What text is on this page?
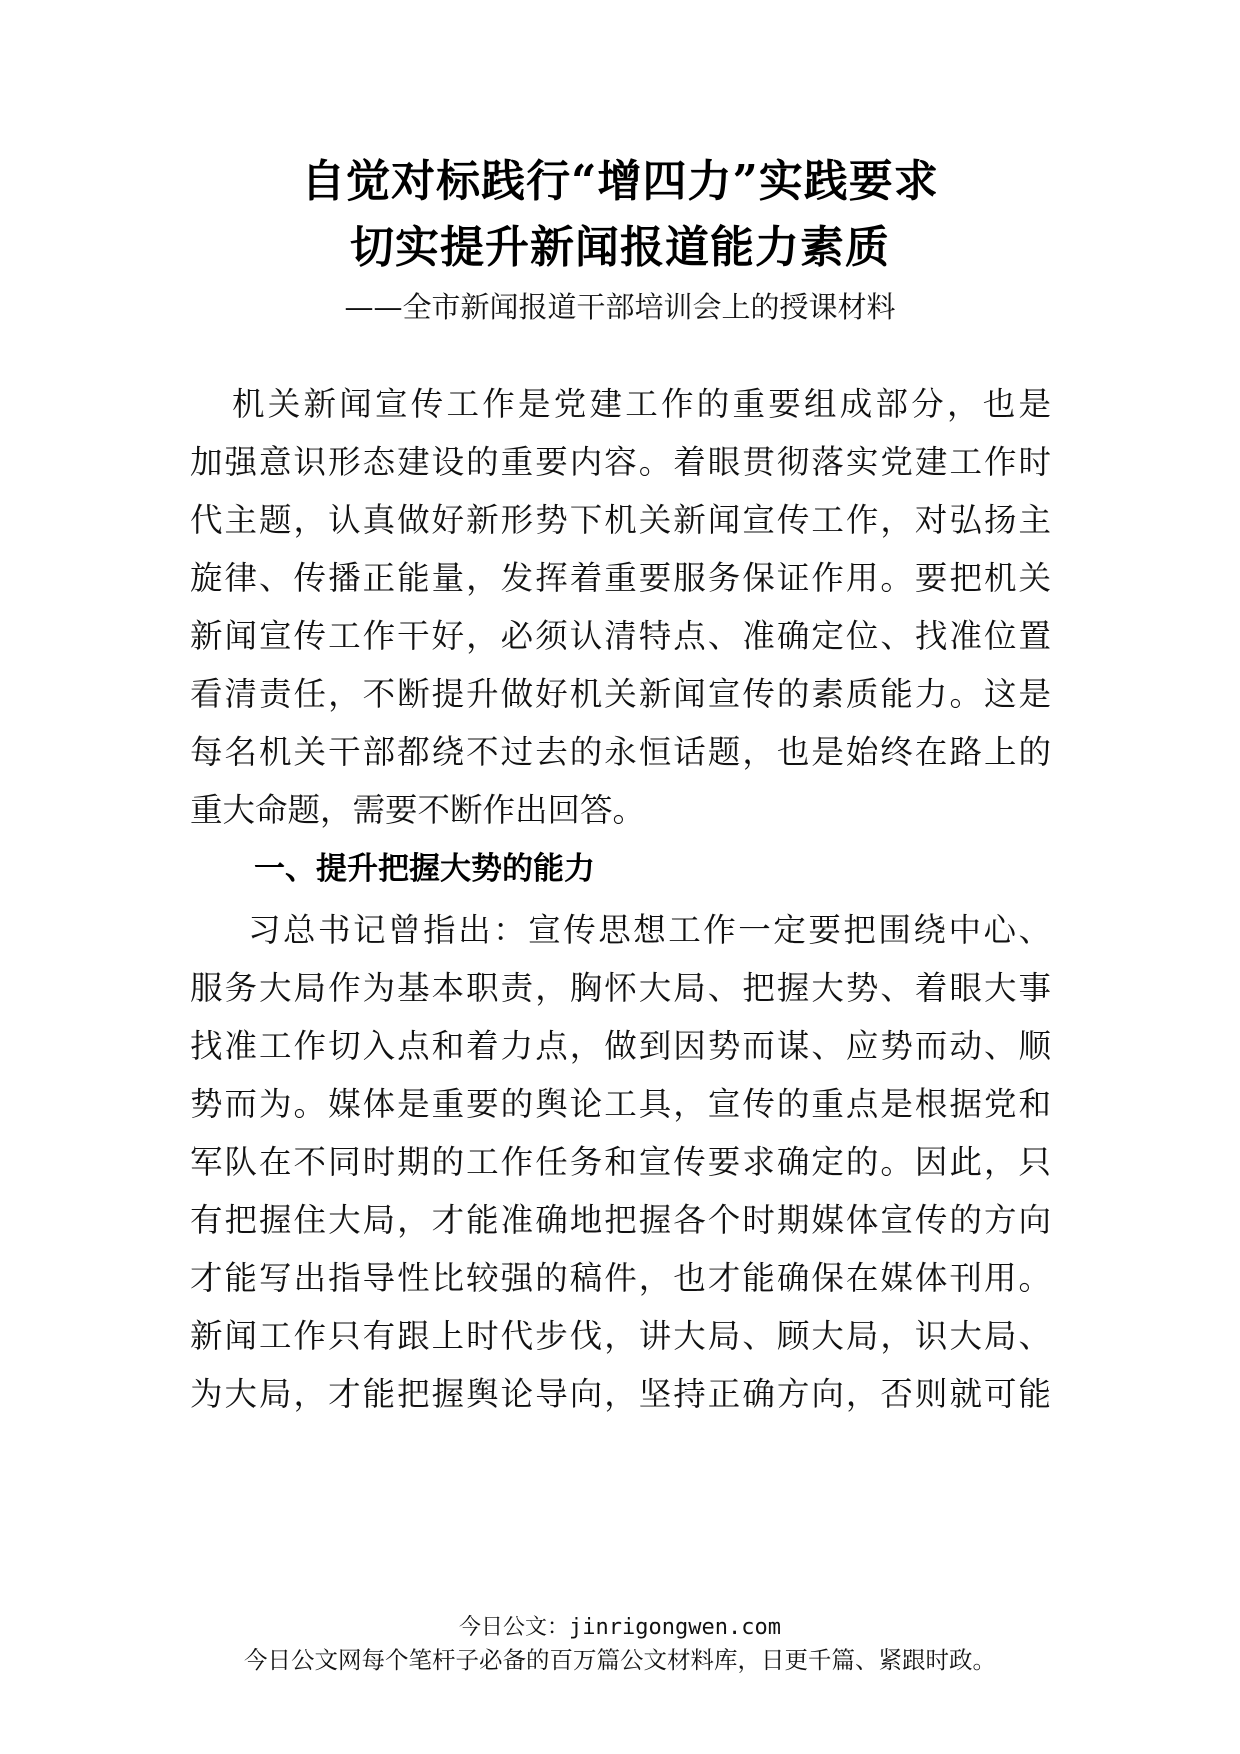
自觉对标践行“增四力”实践要求
切实提升新闻报道能力素质
——全市新闻报道干部培训会上的授课材料
机关新闻宣传工作是党建工作的重要组成部分，也是
加强意识形态建设的重要内容。着眼贯彻落实党建工作时
代主题，认真做好新形势下机关新闻宣传工作，对弘扬主
旋律、传播正能量，发挥着重要服务保证作用。要把机关
新闻宣传工作干好，必须认清特点、准确定位、找准位置
看清责任，不断提升做好机关新闻宣传的素质能力。这是
每名机关干部都绕不过去的永恒话题，也是始终在路上的
重大命题，需要不断作出回答。
一、提升把握大势的能力
习总书记曾指出：宣传思想工作一定要把围绕中心、
服务大局作为基本职责，胸怀大局、把握大势、着眼大事
找准工作切入点和着力点，做到因势而谋、应势而动、顺
势而为。媒体是重要的舆论工具，宣传的重点是根据党和
军队在不同时期的工作任务和宣传要求确定的。因此，只
有把握住大局，才能准确地把握各个时期媒体宣传的方向
才能写出指导性比较强的稿件，也才能确保在媒体刊用。
新闻工作只有跟上时代步伐，讲大局、顾大局，识大局、
为大局，才能把握舆论导向，坚持正确方向，否则就可能
今日公文：jinrigongwen.com
今日公文网每个笔杆子必备的百万篇公文材料库，日更千篇、紧跟时政。
